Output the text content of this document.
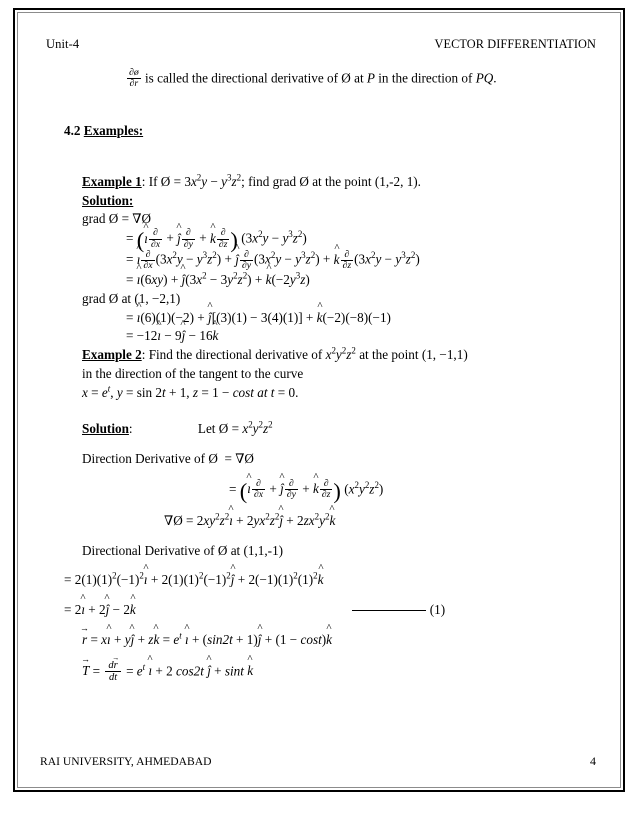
Unit-4	VECTOR DIFFERENTIATION
$\frac{\partial ø}{\partial r}$ is called the directional derivative of Ø at P in the direction of PQ.
4.2 Examples:
Example 1: If Ø = $3x^2y - y^3z^2$; find grad Ø at the point (1,-2, 1).
Solution:
grad Ø = ∇Ø
= (ı ^ $\frac{\partial}{\partial x}$ + ĵ ^ $\frac{\partial}{\partial y} + k$ ^ $\frac{\partial}{\partial z}$ ) $(3x^2y - y^3z^2)$
= ı ^ $\frac{\partial}{\partial x} (3x^2y - y^3z^2)$ + ĵ ^ $\frac{\partial}{\partial y} (3x^2y - y^3z^2) + k$ ^ $\frac{\partial}{\partial z} (3x^2y - y^3z^2)$
= ı ^(6xy) + ĵ $\^{}(3x^2 - 3y^2z^2) + k$ $\^{}(-2y^3z)$
grad Ø at (1, −2,1)
= ı ^(6)(1)(−2) + ĵ ^[(3)(1) − 3(4)(1)] + k ^(−2)(−8)(−1)
= −12ı ^ − 9ĵ ^ − 16k ^
Example 2: Find the directional derivative of $x^2y^2z^2$ at the point (1, −1,1)
in the direction of the tangent to the curve
$x = e^t$, y = sin 2t + 1, z = 1 − cost at t = 0.
Solution:	Let Ø = $x^2y^2z^2$
Direction Derivative of Ø  = ∇Ø
= (ı ^ $\frac{\partial}{\partial x}$ + ĵ ^ $\frac{\partial}{\partial y} + k$ ^ $\frac{\partial}{\partial z}$ ) $(x^2y^2z^2)$
∇Ø = $2xy^2z^2ı$ ^ + $2yx^2z^2ĵ$ ^ + $2zx^2y^2k$ ^
Directional Derivative of Ø at (1,1,-1)
= $2(1)(1)^2(-1)^2ı$ ^ + $2(1)(1)^2(-1)^2ĵ$ ^ + $2(-1)(1)^2(1)^2k$ ^
= 2ı ^ + 2ĵ ^ − 2k ^	(1)
r → = xı ^ + yĵ ^ + zk ^ = $e^t$ ı ^ + (sin2t + 1)ĵ ^ + (1 − cost)k ^
T → = $\frac{dr \to}{dt} = e^t$ ı ^ + 2 cos2t ĵ ^ + sint k ^
RAI UNIVERSITY, AHMEDABAD	4
